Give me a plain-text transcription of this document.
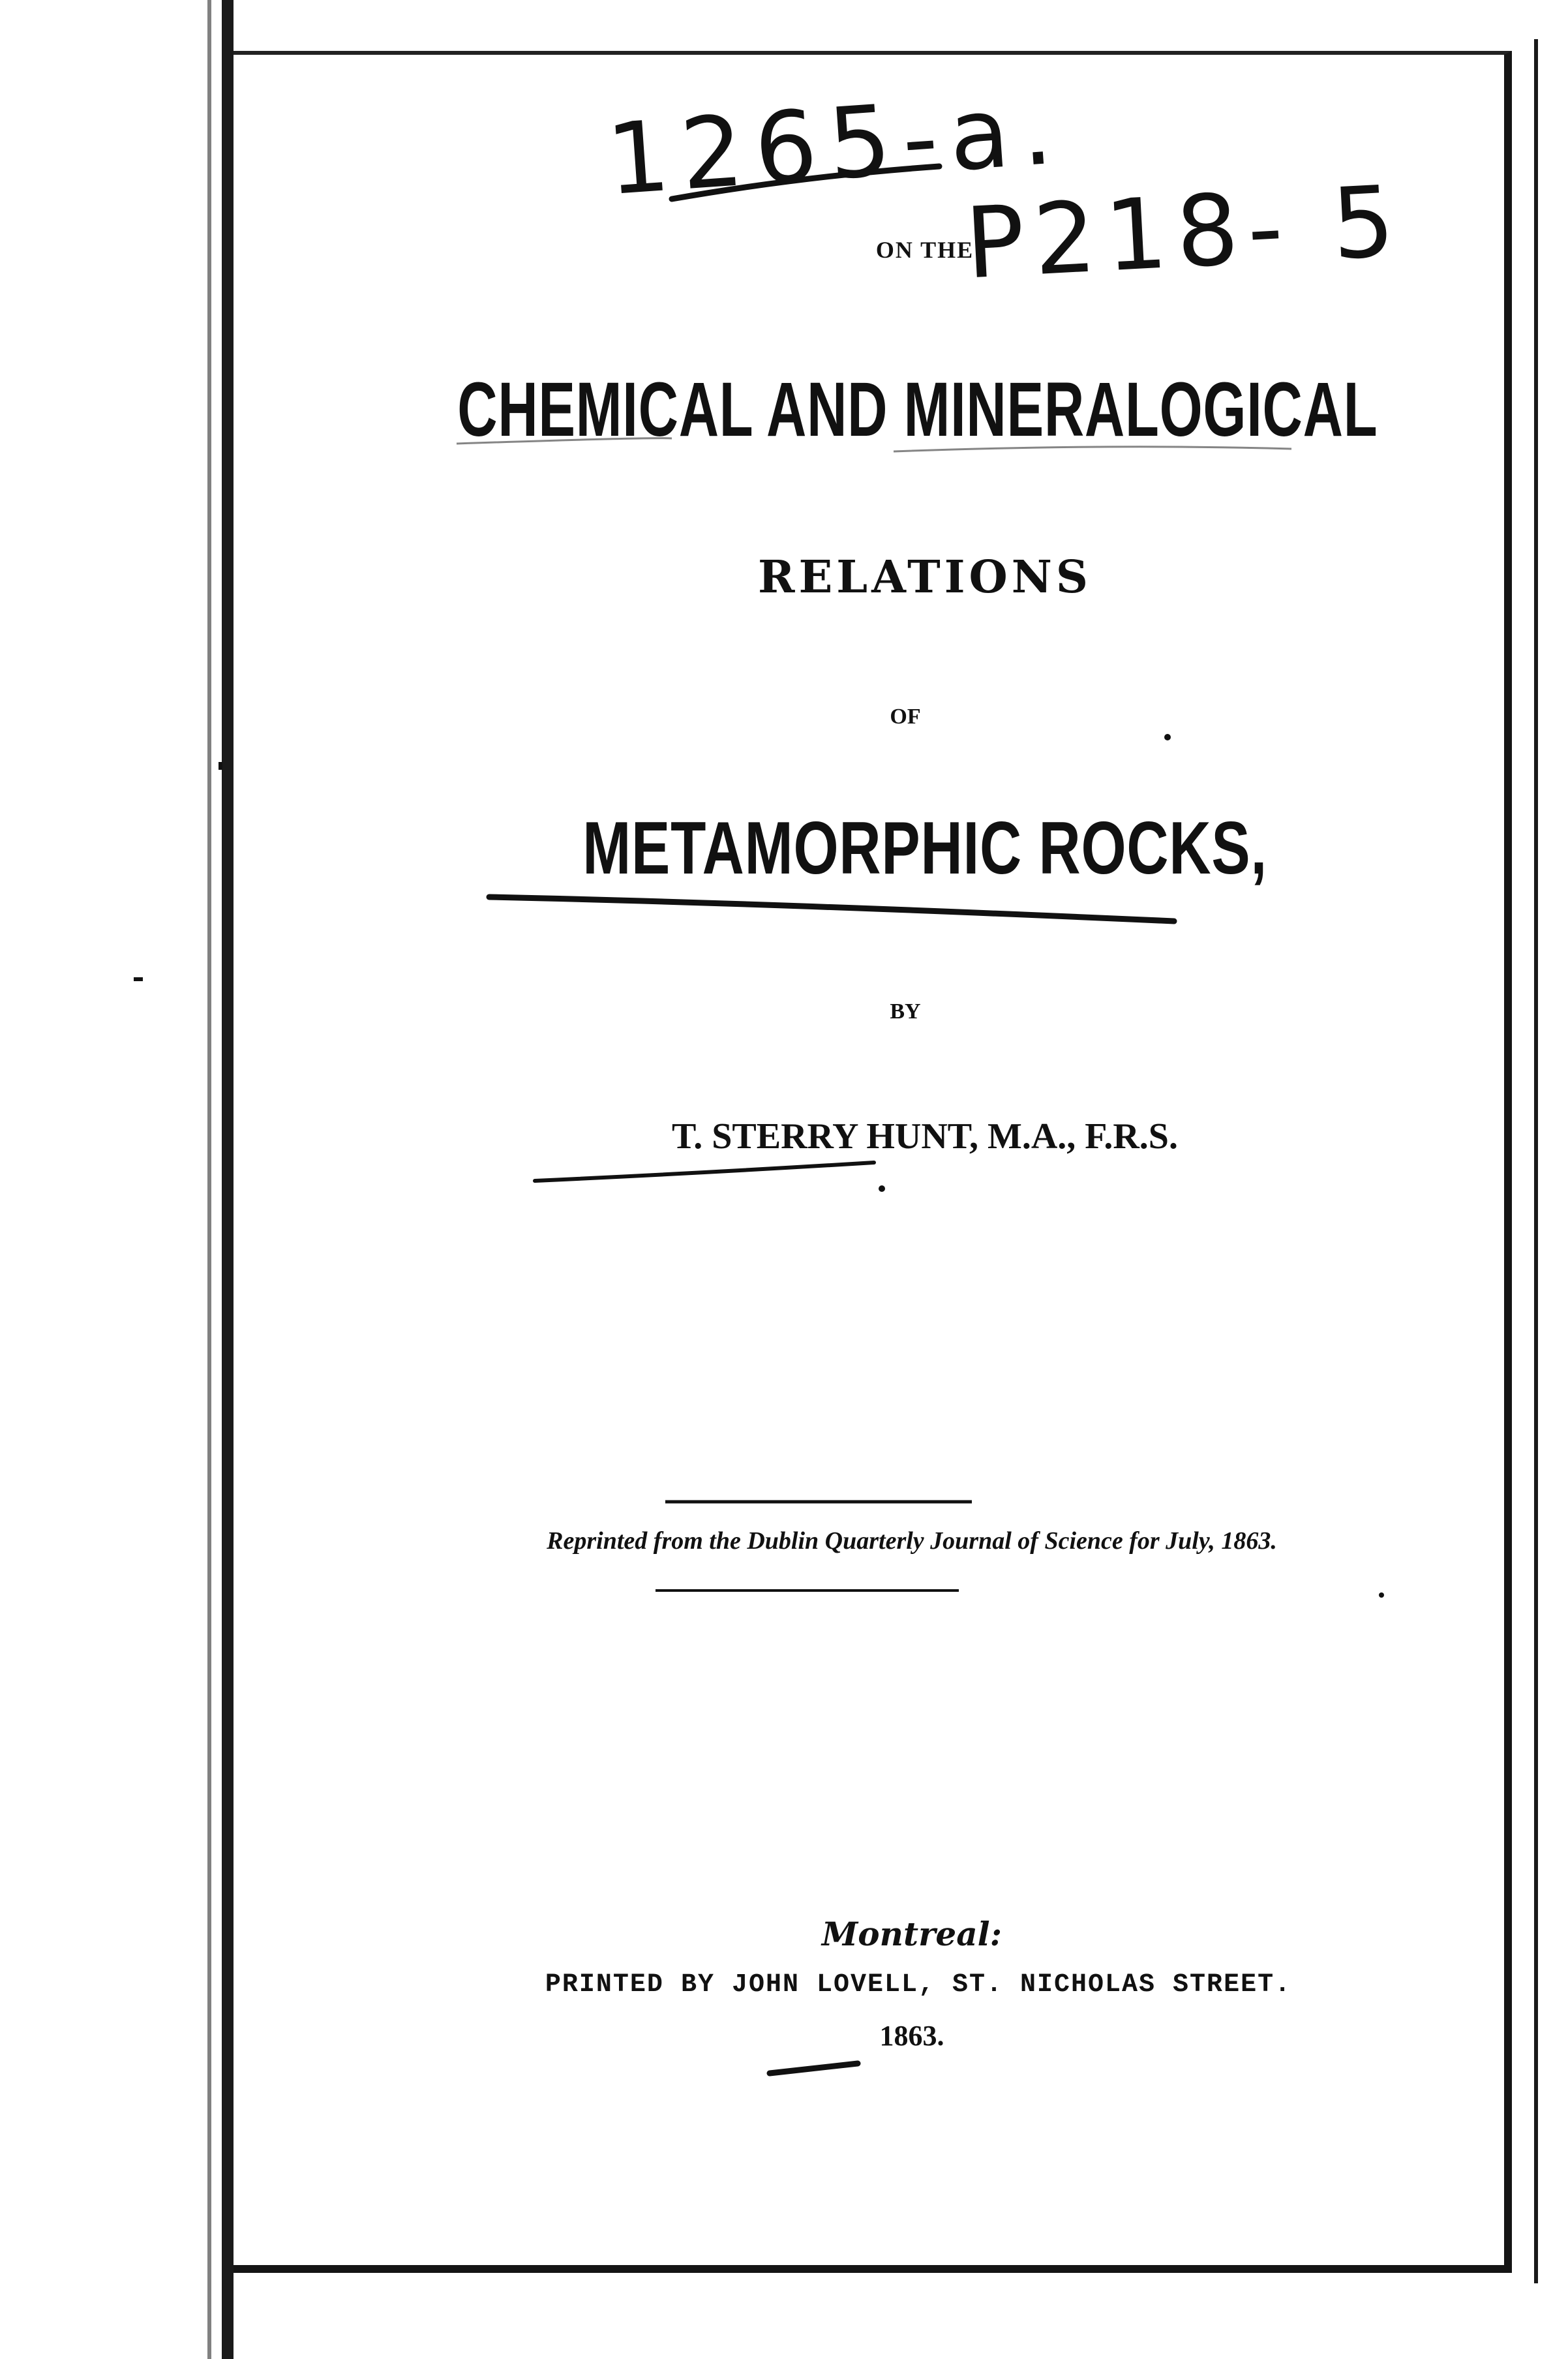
1265-a.
P218- 5
ON THE
CHEMICAL AND MINERALOGICAL
RELATIONS
OF
METAMORPHIC ROCKS,
BY
T. STERRY HUNT, M.A., F.R.S.
Reprinted from the Dublin Quarterly Journal of Science for July, 1863.
Montreal:
PRINTED BY JOHN LOVELL, ST. NICHOLAS STREET.
1863.
